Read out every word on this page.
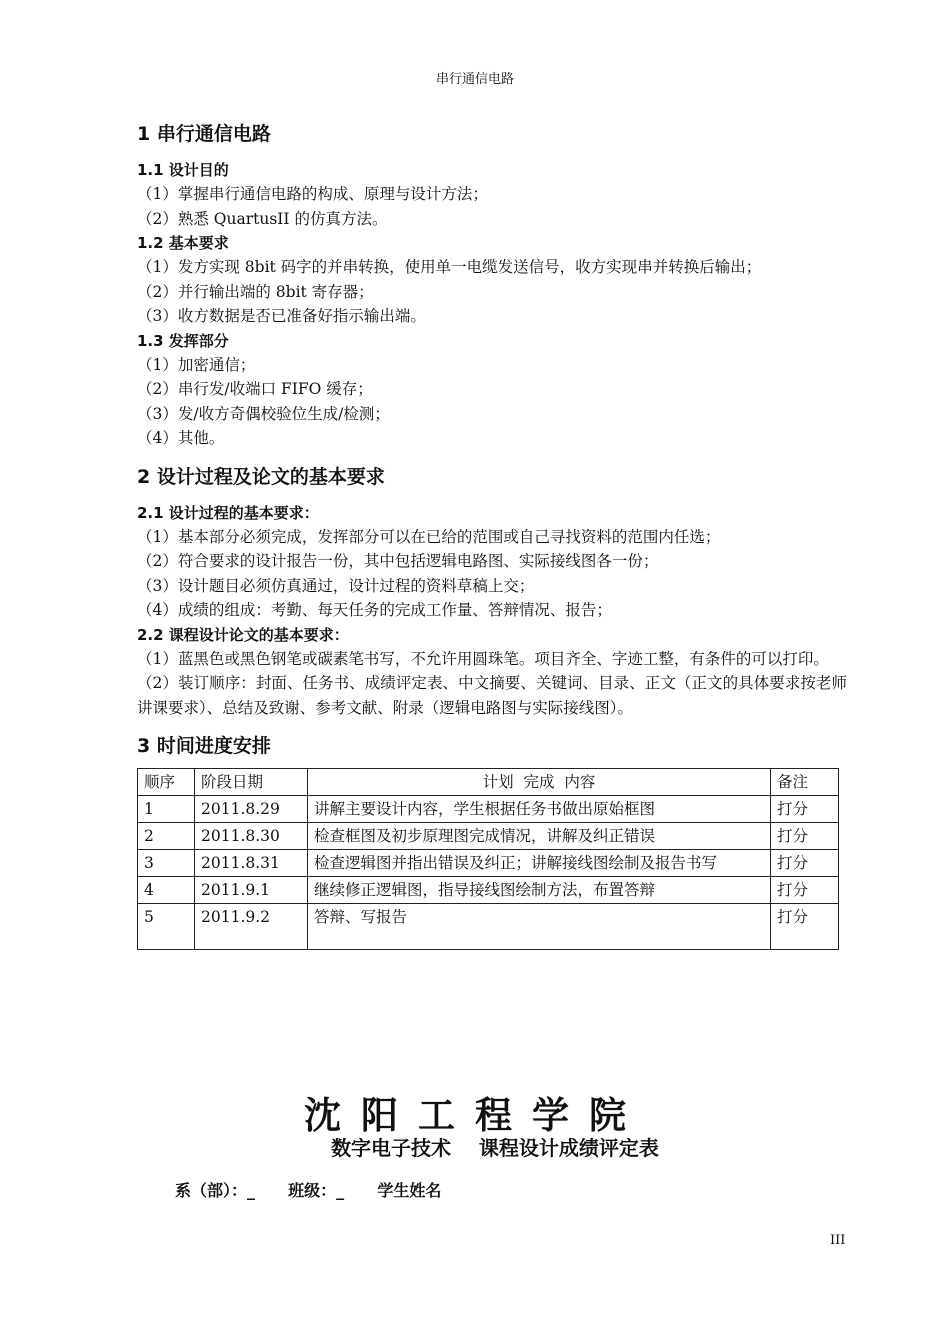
串行通信电路
1 串行通信电路
1.1 设计目的

（1）掌握串行通信电路的构成、原理与设计方法；

（2）熟悉 QuartusII 的仿真方法。

1.2 基本要求

（1）发方实现 8bit 码字的并串转换，使用单一电缆发送信号，收方实现串并转换后输出；

（2）并行输出端的 8bit 寄存器；

（3）收方数据是否已准备好指示输出端。

1.3 发挥部分

（1）加密通信；

（2）串行发/收端口 FIFO 缓存；

（3）发/收方奇偶校验位生成/检测；

（4）其他。

2 设计过程及论文的基本要求
2.1 设计过程的基本要求：

（1）基本部分必须完成，发挥部分可以在已给的范围或自己寻找资料的范围内任选；

（2）符合要求的设计报告一份，其中包括逻辑电路图、实际接线图各一份；

（3）设计题目必须仿真通过，设计过程的资料草稿上交；

（4）成绩的组成：考勤、每天任务的完成工作量、答辩情况、报告；

2.2 课程设计论文的基本要求：

（1）蓝黑色或黑色钢笔或碳素笔书写，不允许用圆珠笔。项目齐全、字迹工整，有条件的可以打印。

（2）装订顺序：封面、任务书、成绩评定表、中文摘要、关键词、目录、正文（正文的具体要求按老师讲课要求）、总结及致谢、参考文献、附录（逻辑电路图与实际接线图）。

3 时间进度安排
顺序	阶段日期	计划  完成  内容	备注
1	2011.8.29	讲解主要设计内容，学生根据任务书做出原始框图	打分
2	2011.8.30	检查框图及初步原理图完成情况，讲解及纠正错误	打分
3	2011.8.31	检查逻辑图并指出错误及纠正；讲解接线图绘制及报告书写	打分
4	2011.9.1	继续修正逻辑图，指导接线图绘制方法，布置答辩	打分
5	2011.9.2	答辩、写报告	打分
沈阳工程学院
数字电子技术    课程设计成绩评定表
系（部）：_ 班级：_ 学生姓名
III
